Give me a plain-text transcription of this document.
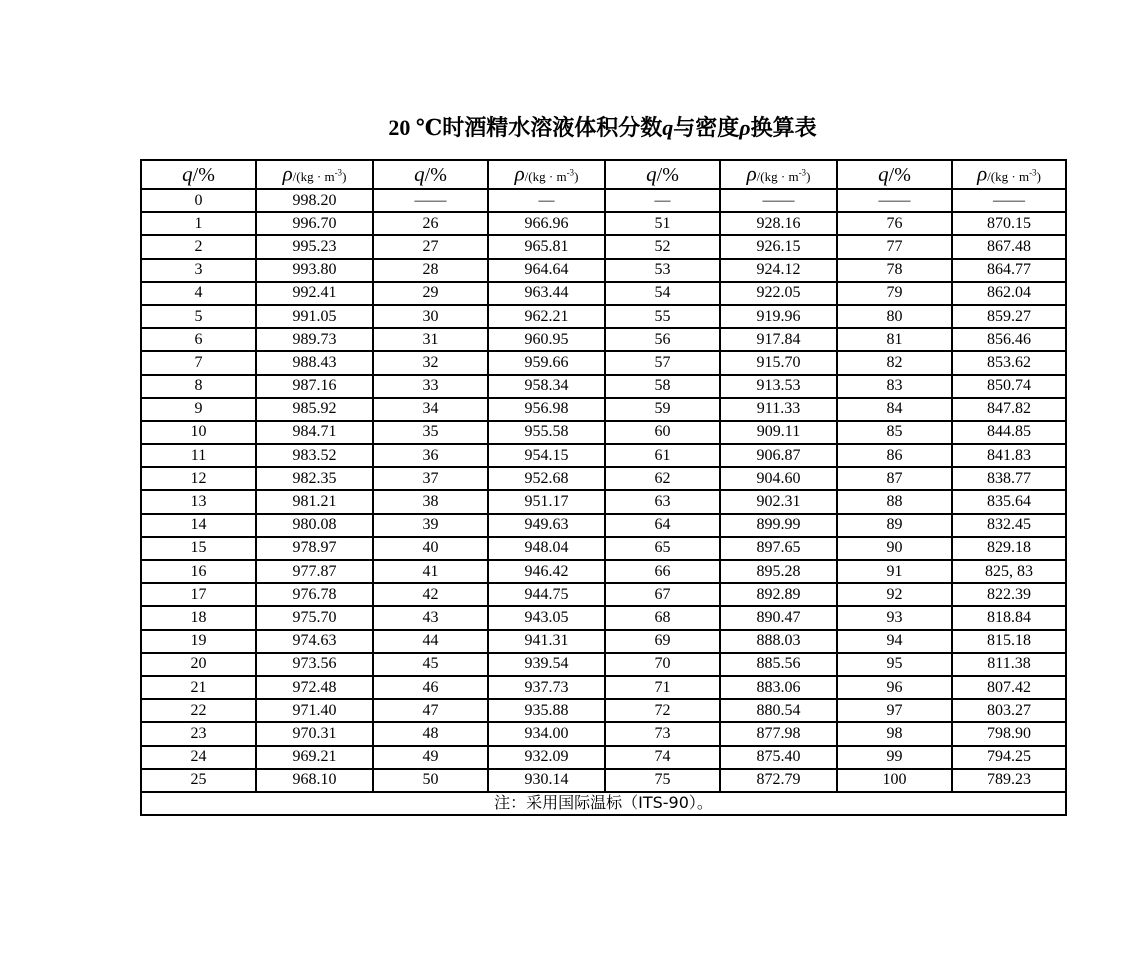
20 ℃时酒精水溶液体积分数q与密度ρ换算表
q/%	$\rho/(kg \cdot m^{-3})$	q/%	$\rho/(kg \cdot m^{-3})$	q/%	$\rho/(kg \cdot m^{-3})$	q/%	$\rho/(kg \cdot m^{-3})$
0	998.20	——	—	—	——	——	——
1	996.70	26	966.96	51	928.16	76	870.15
2	995.23	27	965.81	52	926.15	77	867.48
3	993.80	28	964.64	53	924.12	78	864.77
4	992.41	29	963.44	54	922.05	79	862.04
5	991.05	30	962.21	55	919.96	80	859.27
6	989.73	31	960.95	56	917.84	81	856.46
7	988.43	32	959.66	57	915.70	82	853.62
8	987.16	33	958.34	58	913.53	83	850.74
9	985.92	34	956.98	59	911.33	84	847.82
10	984.71	35	955.58	60	909.11	85	844.85
11	983.52	36	954.15	61	906.87	86	841.83
12	982.35	37	952.68	62	904.60	87	838.77
13	981.21	38	951.17	63	902.31	88	835.64
14	980.08	39	949.63	64	899.99	89	832.45
15	978.97	40	948.04	65	897.65	90	829.18
16	977.87	41	946.42	66	895.28	91	825, 83
17	976.78	42	944.75	67	892.89	92	822.39
18	975.70	43	943.05	68	890.47	93	818.84
19	974.63	44	941.31	69	888.03	94	815.18
20	973.56	45	939.54	70	885.56	95	811.38
21	972.48	46	937.73	71	883.06	96	807.42
22	971.40	47	935.88	72	880.54	97	803.27
23	970.31	48	934.00	73	877.98	98	798.90
24	969.21	49	932.09	74	875.40	99	794.25
25	968.10	50	930.14	75	872.79	100	789.23
注：采用国际温标（ITS-90）。							
